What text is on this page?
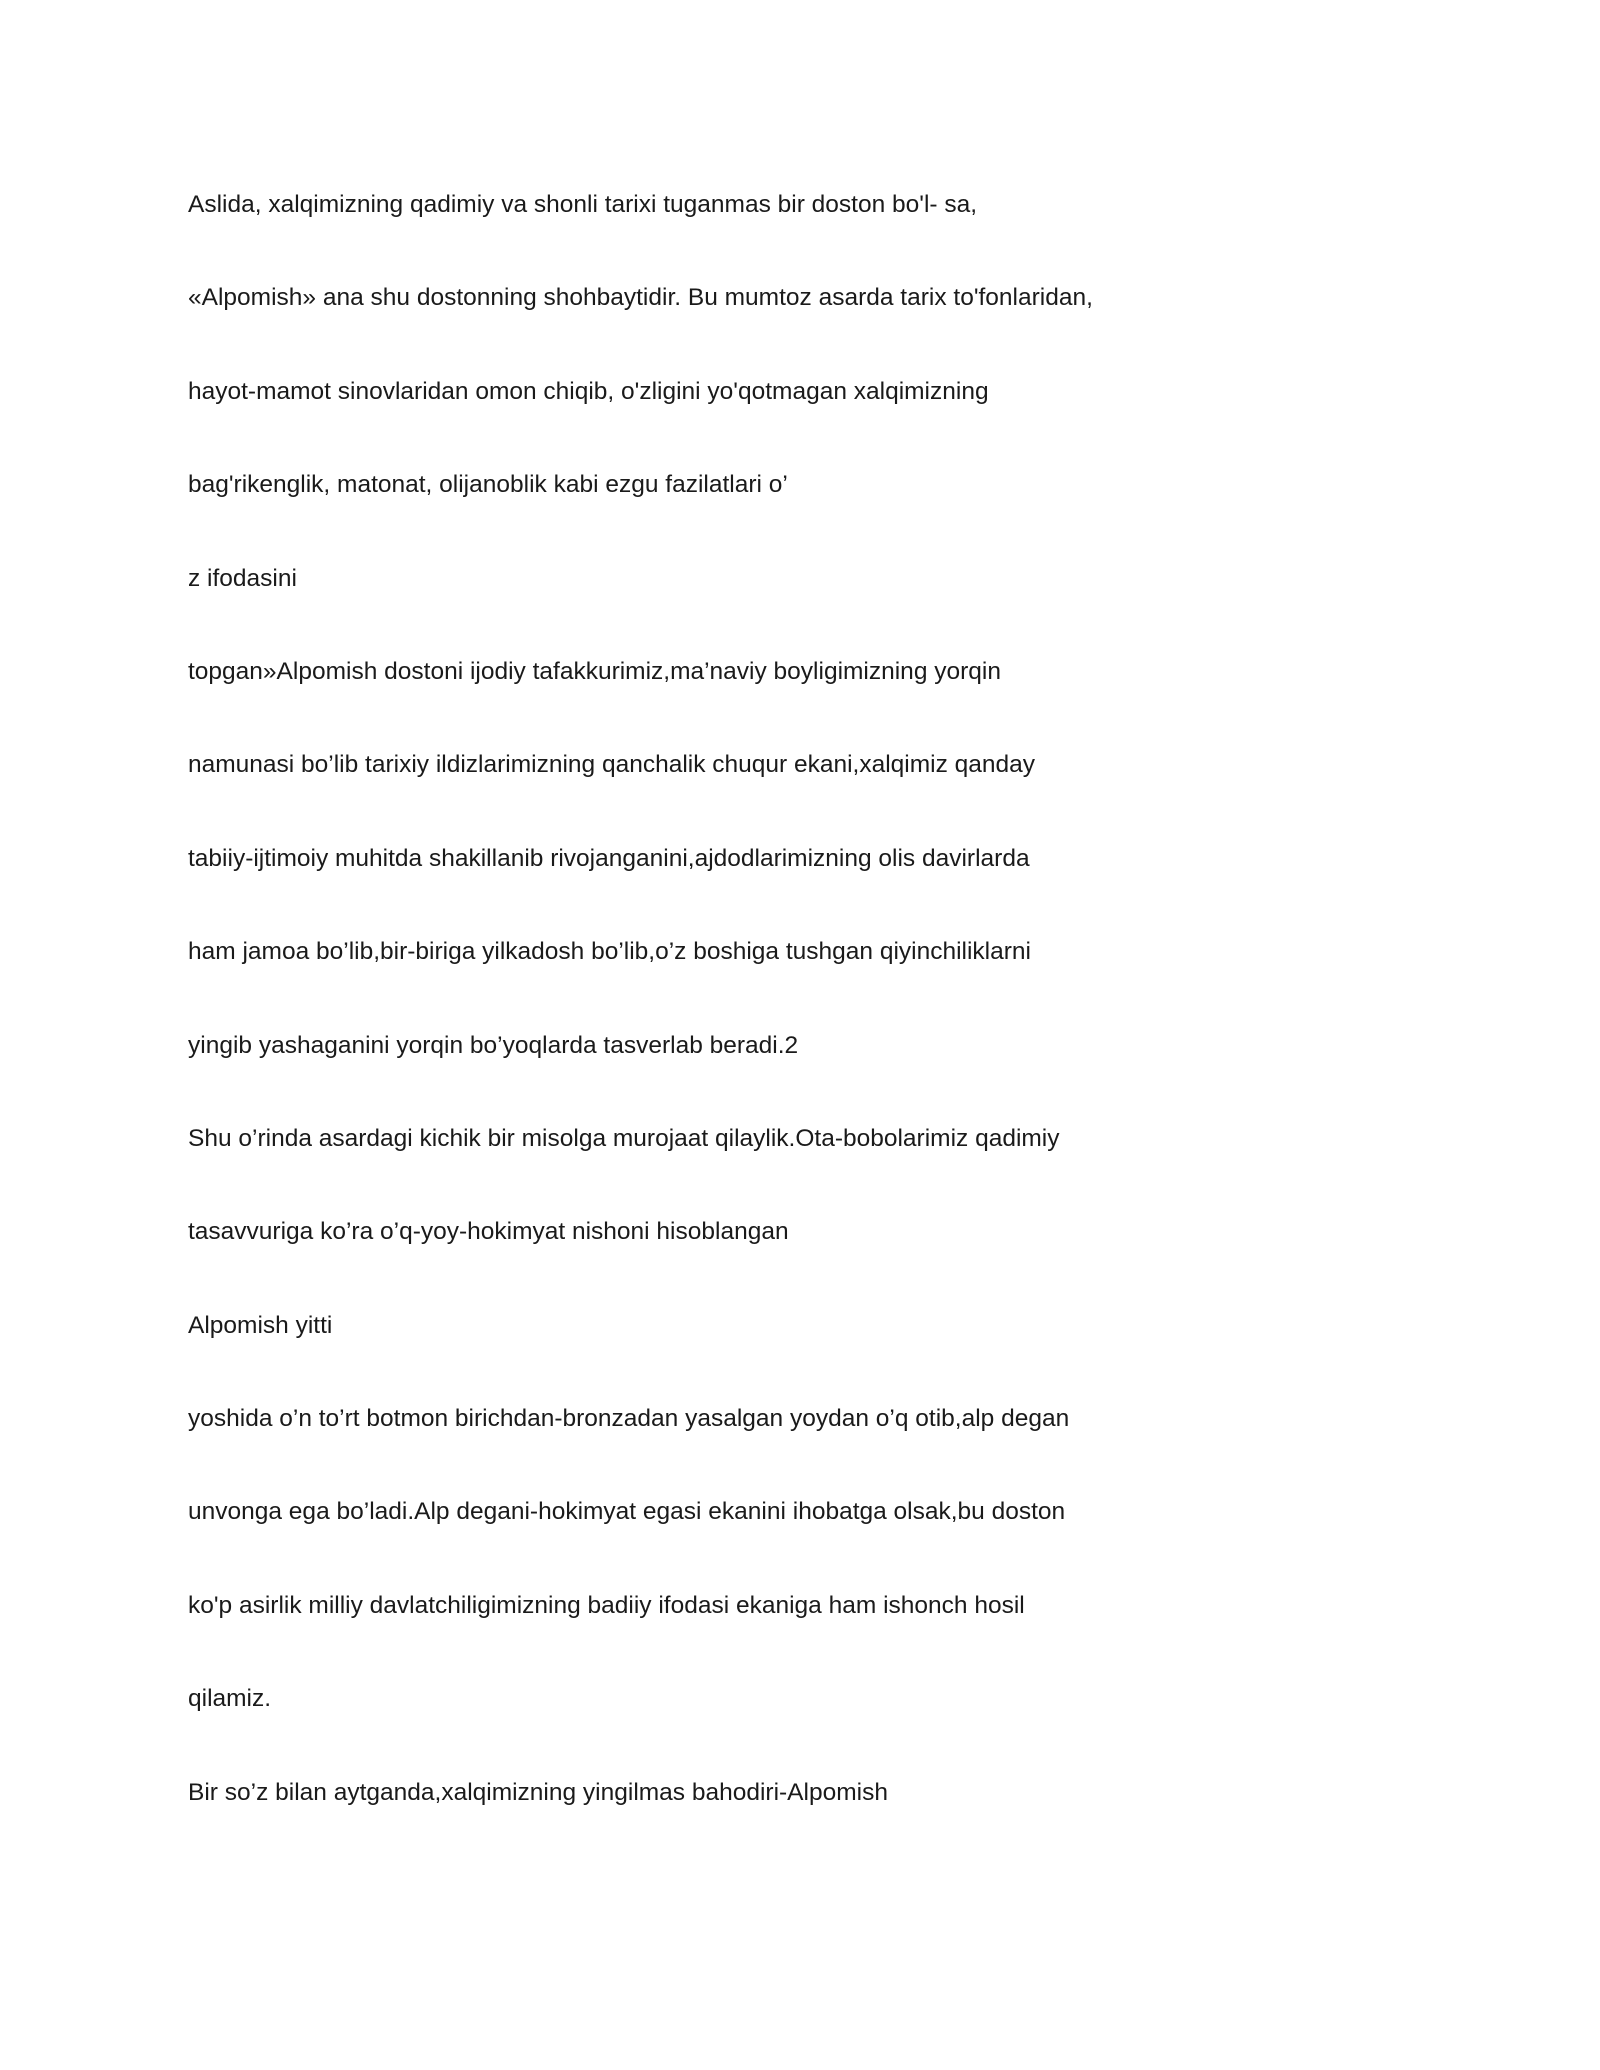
Aslida, xalqimizning qadimiy va shonli tarixi tuganmas bir doston bo'l- sa,
«Alpomish» ana shu dostonning shohbaytidir. Bu mumtoz asarda tarix to'fonlaridan,
hayot-mamot sinovlaridan omon chiqib, o'zligini yo'qotmagan xalqimizning
bag'rikenglik, matonat, olijanoblik kabi ezgu fazilatlari o’
z ifodasini
topgan»Alpomish dostoni ijodiy tafakkurimiz,ma’naviy boyligimizning yorqin
namunasi bo’lib tarixiy ildizlarimizning qanchalik chuqur ekani,xalqimiz qanday
tabiiy-ijtimoiy muhitda shakillanib rivojanganini,ajdodlarimizning olis davirlarda
ham jamoa bo’lib,bir-biriga yilkadosh bo’lib,o’z boshiga tushgan qiyinchiliklarni
yingib yashaganini yorqin bo’yoqlarda tasverlab beradi.2
Shu o’rinda asardagi kichik bir misolga murojaat qilaylik.Ota-bobolarimiz qadimiy
tasavvuriga ko’ra o’q-yoy-hokimyat nishoni hisoblangan
Alpomish yitti
yoshida o’n to’rt botmon birichdan-bronzadan yasalgan yoydan o’q otib,alp degan
unvonga ega bo’ladi.Alp degani-hokimyat egasi ekanini ihobatga olsak,bu doston
ko'p asirlik milliy davlatchiligimizning badiiy ifodasi ekaniga ham ishonch hosil
qilamiz.
Bir so’z bilan aytganda,xalqimizning yingilmas bahodiri-Alpomish
